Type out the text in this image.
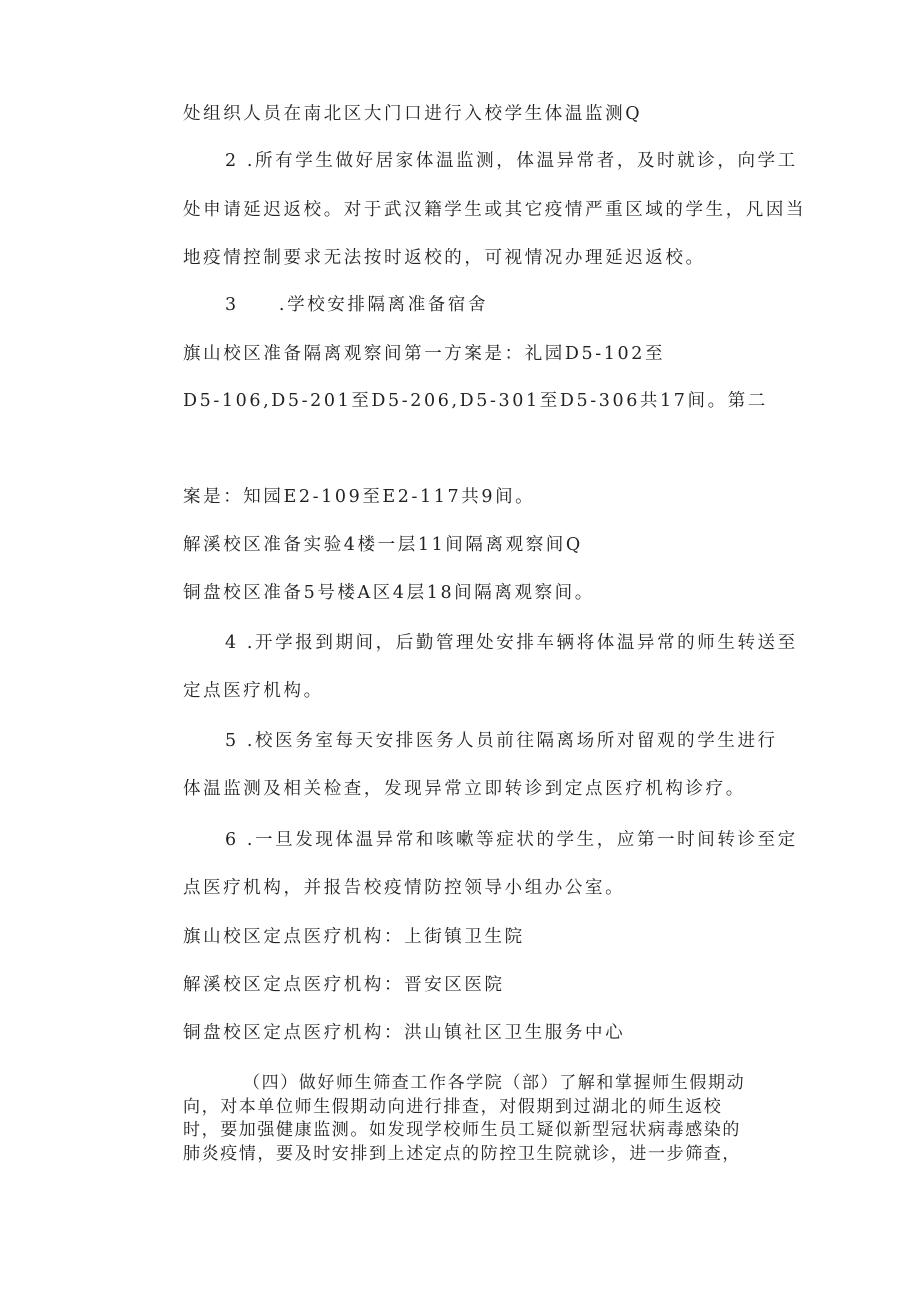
处组织人员在南北区大门口进行入校学生体温监测Q
2 .所有学生做好居家体温监测，体温异常者，及时就诊，向学工
处申请延迟返校。对于武汉籍学生或其它疫情严重区域的学生，凡因当
地疫情控制要求无法按时返校的，可视情况办理延迟返校。
3　　.学校安排隔离准备宿舍
旗山校区准备隔离观察间第一方案是：礼园D5-102至
D5-106,D5-201至D5-206,D5-301至D5-306共17间。第二
案是：知园E2-109至E2-117共9间。
解溪校区准备实验4楼一层11间隔离观察间Q
铜盘校区准备5号楼A区4层18间隔离观察间。
4 .开学报到期间，后勤管理处安排车辆将体温异常的师生转送至
定点医疗机构。
5 .校医务室每天安排医务人员前往隔离场所对留观的学生进行
体温监测及相关检查，发现异常立即转诊到定点医疗机构诊疗。
6 .一旦发现体温异常和咳嗽等症状的学生，应第一时间转诊至定
点医疗机构，并报告校疫情防控领导小组办公室。
旗山校区定点医疗机构：上街镇卫生院
解溪校区定点医疗机构：晋安区医院
铜盘校区定点医疗机构：洪山镇社区卫生服务中心
（四）做好师生筛查工作各学院（部）了解和掌握师生假期动
向，对本单位师生假期动向进行排查，对假期到过湖北的师生返校
时，要加强健康监测。如发现学校师生员工疑似新型冠状病毒感染的
肺炎疫情，要及时安排到上述定点的防控卫生院就诊，进一步筛查，
